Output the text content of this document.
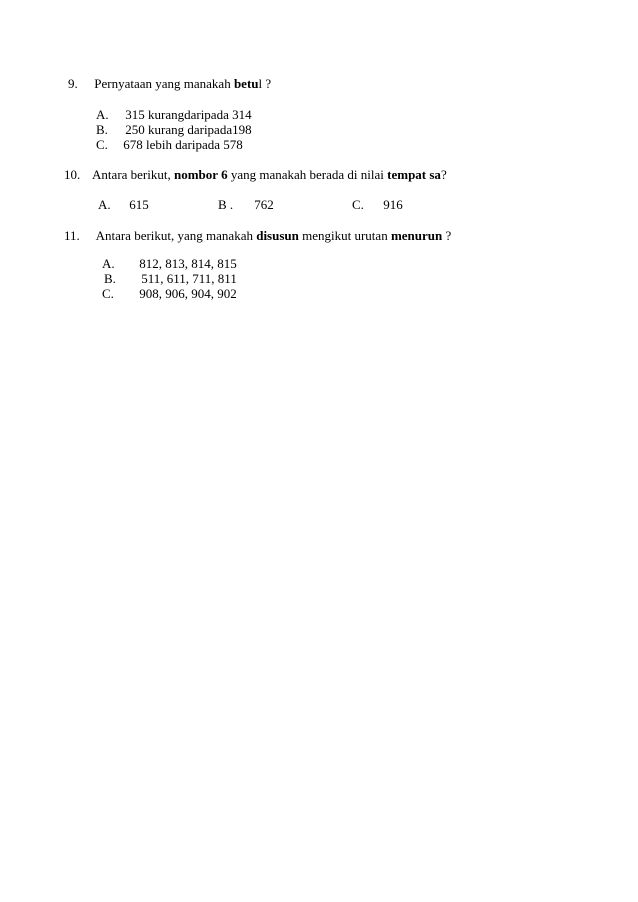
9. Pernyataan yang manakah betul ?
A. 315 kurangdaripada 314
B. 250 kurang daripada198
C. 678 lebih daripada 578
10. Antara berikut, nombor 6 yang manakah berada di nilai tempat sa?
A. 615	B . 762	C. 916
11. Antara berikut, yang manakah disusun mengikut urutan menurun ?
A. 812, 813, 814, 815
B. 511, 611, 711, 811
C. 908, 906, 904, 902
